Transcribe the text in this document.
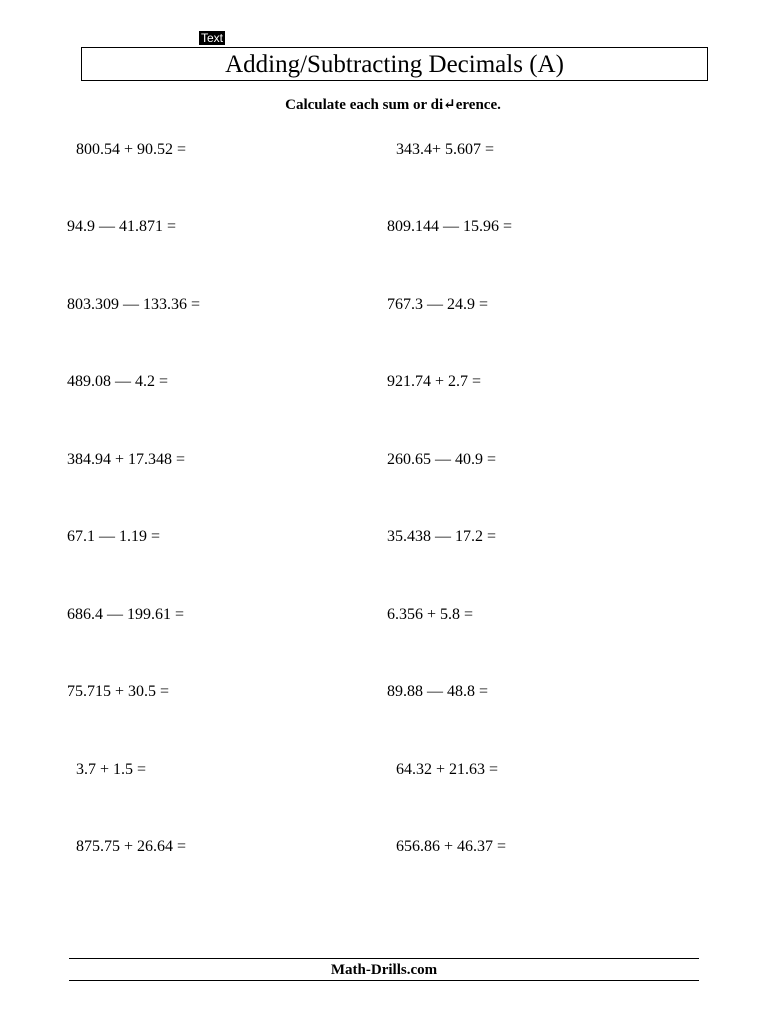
Text
Adding/Subtracting Decimals (A)
Calculate each sum or di↵erence.
800.54 + 90.52 =
94.9 — 41.871 =
803.309 — 133.36 =
489.08 — 4.2 =
384.94 + 17.348 =
67.1 — 1.19 =
686.4 — 199.61 =
75.715 + 30.5 =
3.7 + 1.5 =
875.75 + 26.64 =
343.4+ 5.607 =
809.144 — 15.96 =
767.3 — 24.9 =
921.74 + 2.7 =
260.65 — 40.9 =
35.438 — 17.2 =
6.356 + 5.8 =
89.88 — 48.8 =
64.32 + 21.63 =
656.86 + 46.37 =
Math-Drills.com
